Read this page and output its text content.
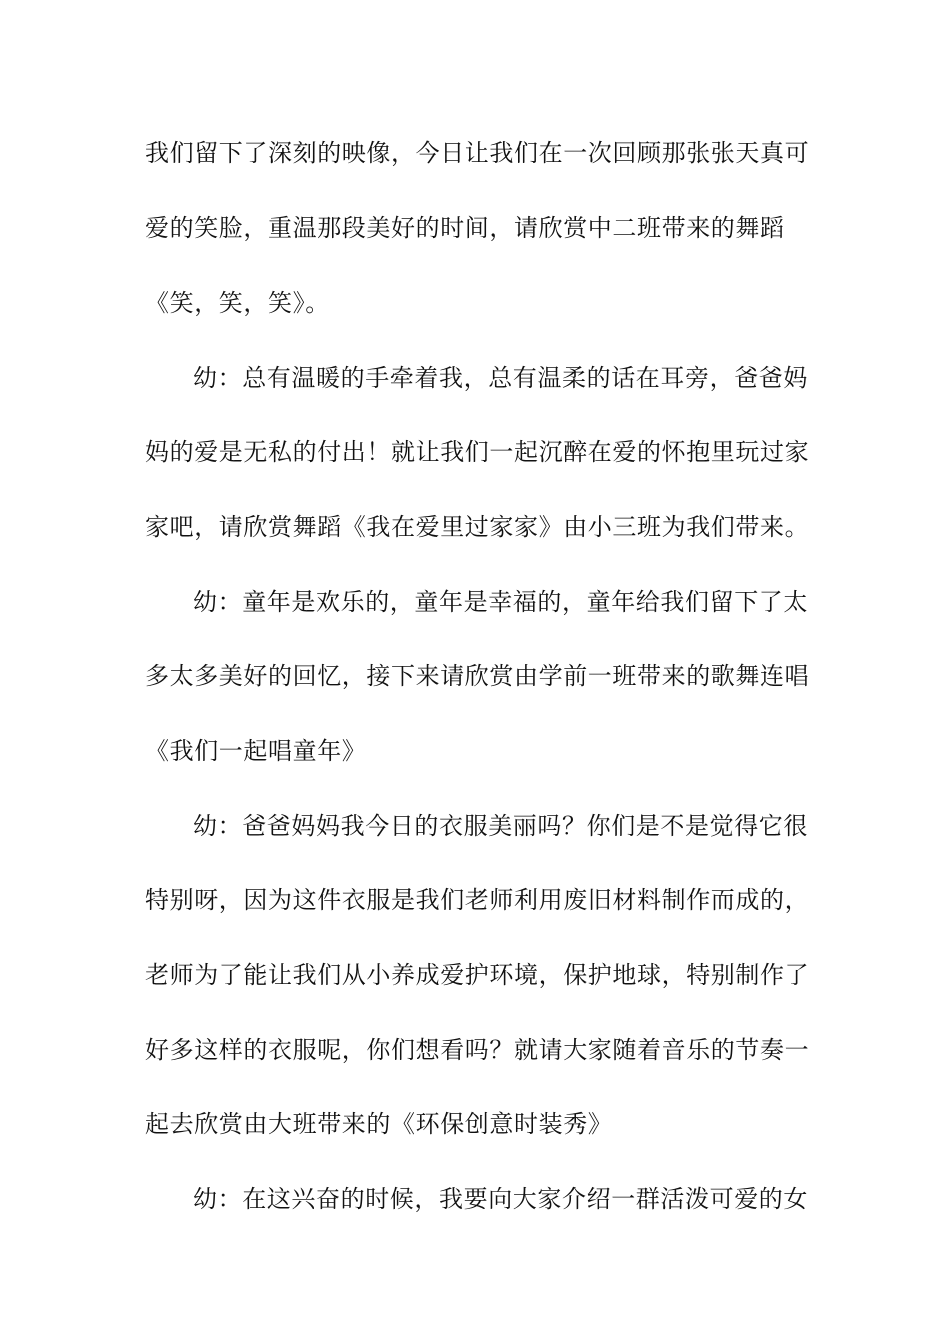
我们留下了深刻的映像，今日让我们在一次回顾那张张天真可
爱的笑脸，重温那段美好的时间，请欣赏中二班带来的舞蹈
《笑，笑，笑》。
幼：总有温暖的手牵着我，总有温柔的话在耳旁，爸爸妈
妈的爱是无私的付出！就让我们一起沉醉在爱的怀抱里玩过家
家吧，请欣赏舞蹈《我在爱里过家家》由小三班为我们带来。
幼：童年是欢乐的，童年是幸福的，童年给我们留下了太
多太多美好的回忆，接下来请欣赏由学前一班带来的歌舞连唱
《我们一起唱童年》
幼：爸爸妈妈我今日的衣服美丽吗？你们是不是觉得它很
特别呀，因为这件衣服是我们老师利用废旧材料制作而成的，
老师为了能让我们从小养成爱护环境，保护地球，特别制作了
好多这样的衣服呢，你们想看吗？就请大家随着音乐的节奏一
起去欣赏由大班带来的《环保创意时装秀》
幼：在这兴奋的时候，我要向大家介绍一群活泼可爱的女
